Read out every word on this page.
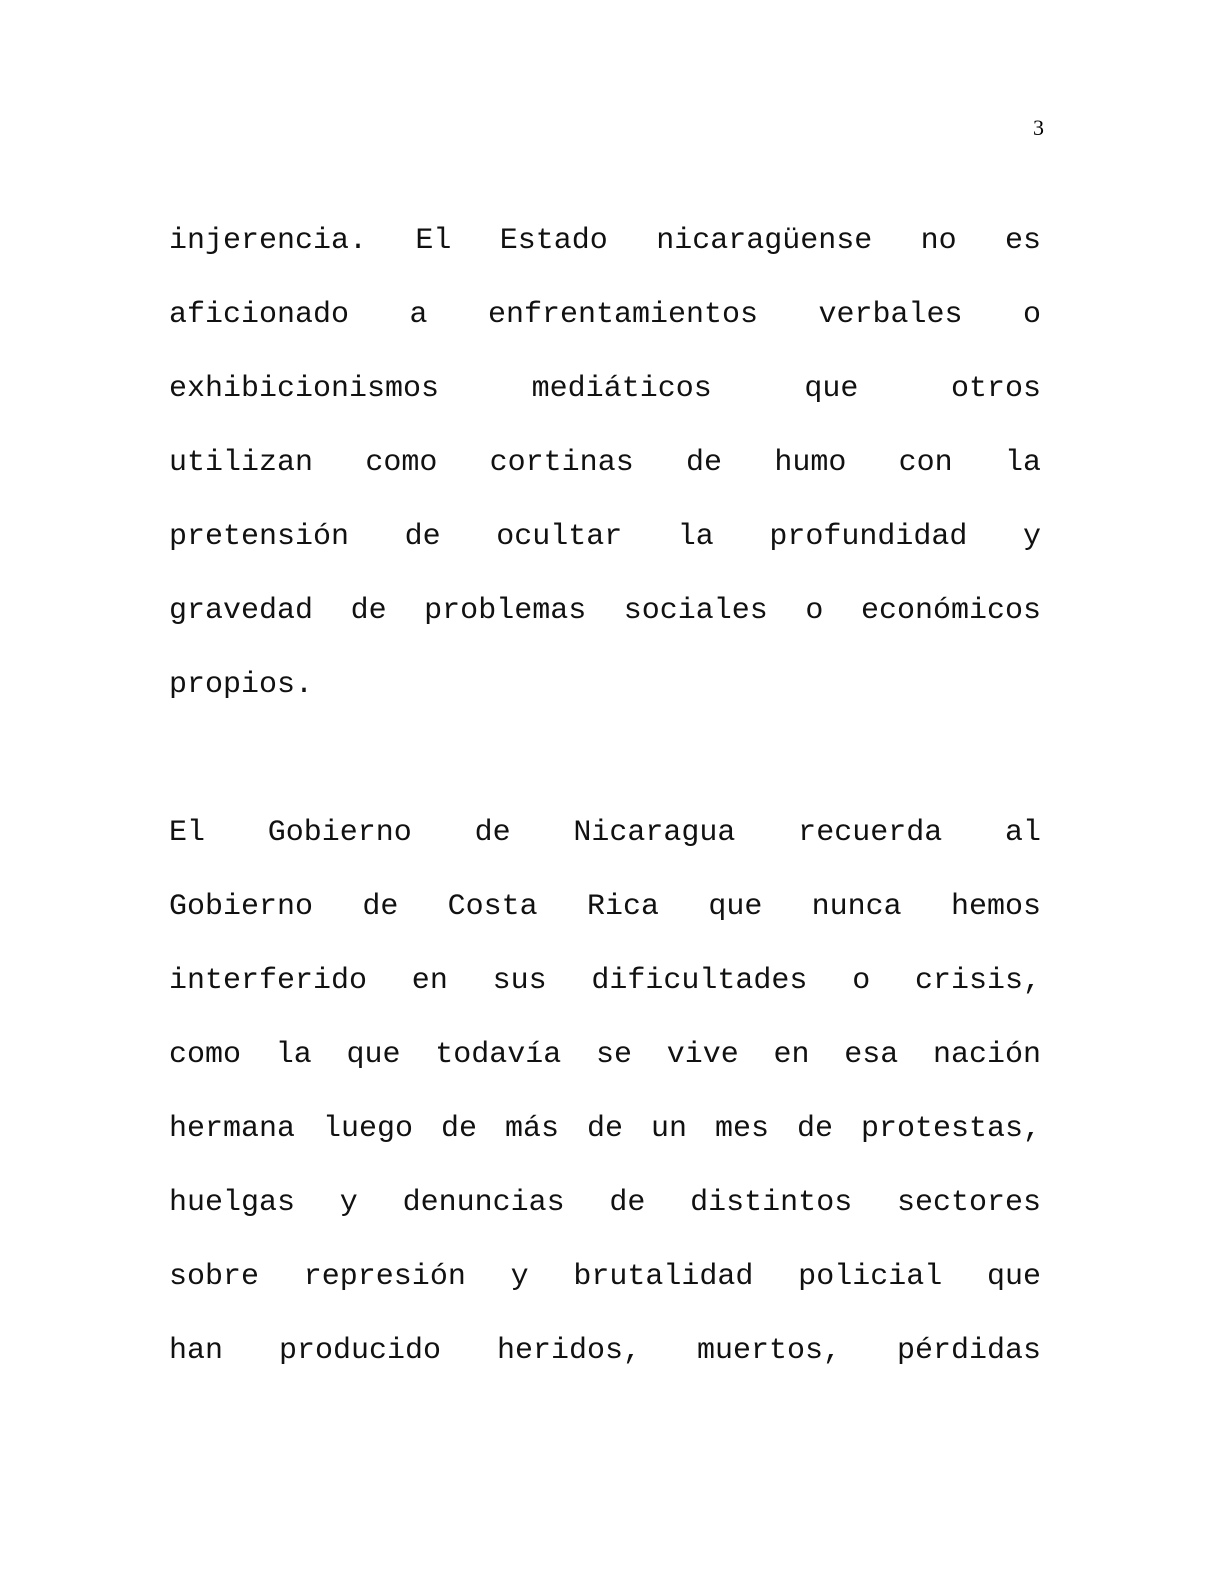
3
injerencia. El Estado nicaragüense no es
aficionado a enfrentamientos verbales o
exhibicionismos mediáticos que otros
utilizan como cortinas de humo con la
pretensión de ocultar la profundidad y
gravedad de problemas sociales o económicos
propios.
El Gobierno de Nicaragua recuerda al
Gobierno de Costa Rica que nunca hemos
interferido en sus dificultades o crisis,
como la que todavía se vive en esa nación
hermana luego de más de un mes de protestas,
huelgas y denuncias de distintos sectores
sobre represión y brutalidad policial que
han producido heridos, muertos, pérdidas
